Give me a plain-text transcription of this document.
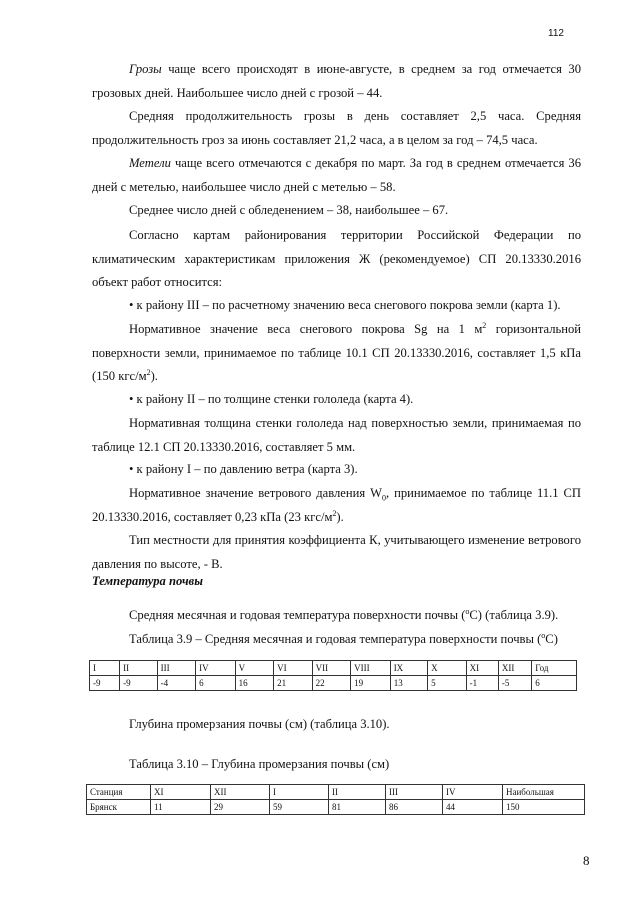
112

Грозы чаще всего происходят в июне-августе, в среднем за год отмечается 30 грозовых дней. Наибольшее число дней с грозой – 44.

Средняя продолжительность грозы в день составляет 2,5 часа. Средняя продолжительность гроз за июнь составляет 21,2 часа, а в целом за год – 74,5 часа.

Метели чаще всего отмечаются с декабря по март. За год в среднем отмечается 36 дней с метелью, наибольшее число дней с метелью – 58.

Среднее число дней с обледенением – 38, наибольшее – 67.

Согласно картам районирования территории Российской Федерации по климатическим характеристикам приложения Ж (рекомендуемое) СП 20.13330.2016 объект работ относится:

• к району III – по расчетному значению веса снегового покрова земли (карта 1).

Нормативное значение веса снегового покрова Sg на 1 $м^2$ горизонтальной поверхности земли, принимаемое по таблице 10.1 СП 20.13330.2016, составляет 1,5 кПа (150 кгс/$м^2$).

• к району II – по толщине стенки гололеда (карта 4).

Нормативная толщина стенки гололеда над поверхностью земли, принимаемая по таблице 12.1 СП 20.13330.2016, составляет 5 мм.

• к району I – по давлению ветра (карта 3).

Нормативное значение ветрового давления $W_0$, принимаемое по таблице 11.1 СП 20.13330.2016, составляет 0,23 кПа (23 кгс/$м^2$).

Тип местности для принятия коэффициента К, учитывающего изменение ветрового давления по высоте, - В.

Температура почвы

Средняя месячная и годовая температура поверхности почвы ($^о$С) (таблица 3.9).

Таблица 3.9 – Средняя месячная и годовая температура поверхности почвы ($^о$С)
I	II	III	IV	V	VI	VII	VIII	IX	X	XI	XII	Год
-9	-9	-4	6	16	21	22	19	13	5	-1	-5	6

Глубина промерзания почвы (см) (таблица 3.10).

Таблица 3.10 – Глубина промерзания почвы (см)
Станция	XI	XII	I	II	III	IV	Наибольшая
Брянск	11	29	59	81	86	44	150
8
